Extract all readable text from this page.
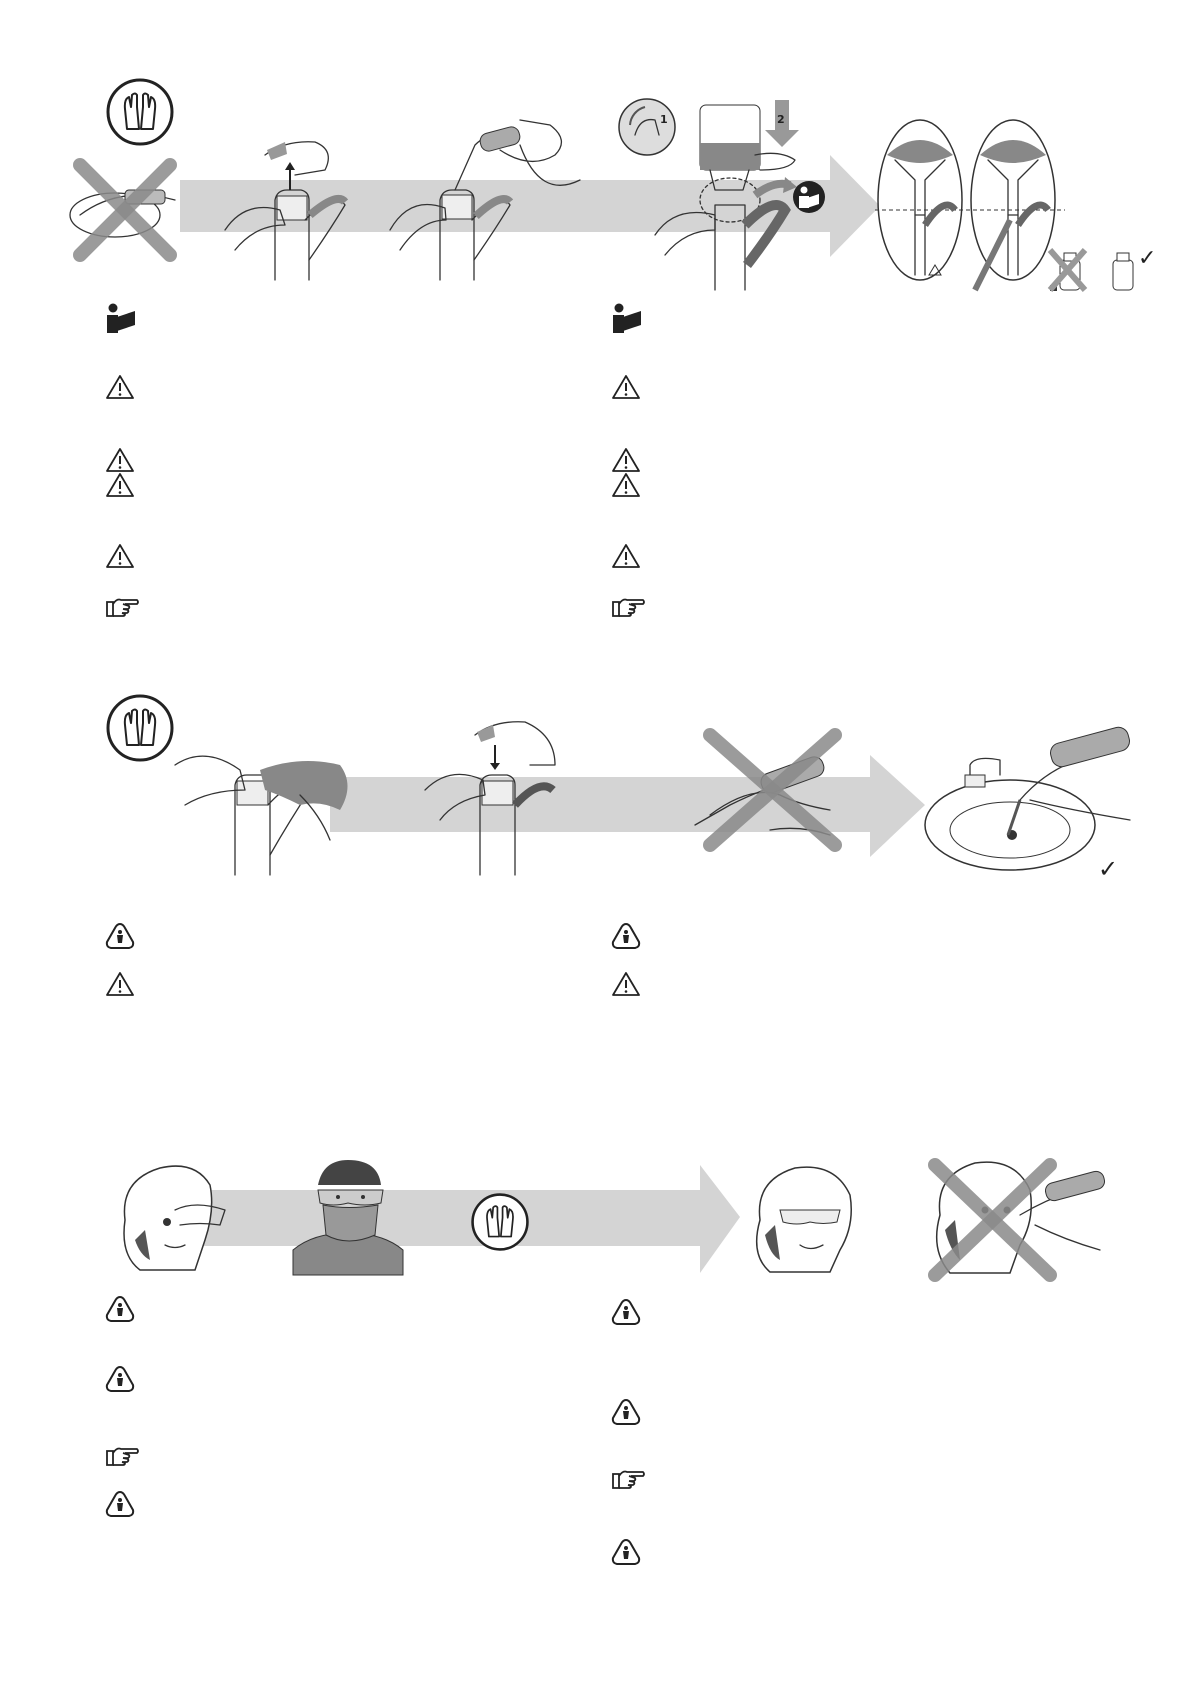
1	2
✓
✓
